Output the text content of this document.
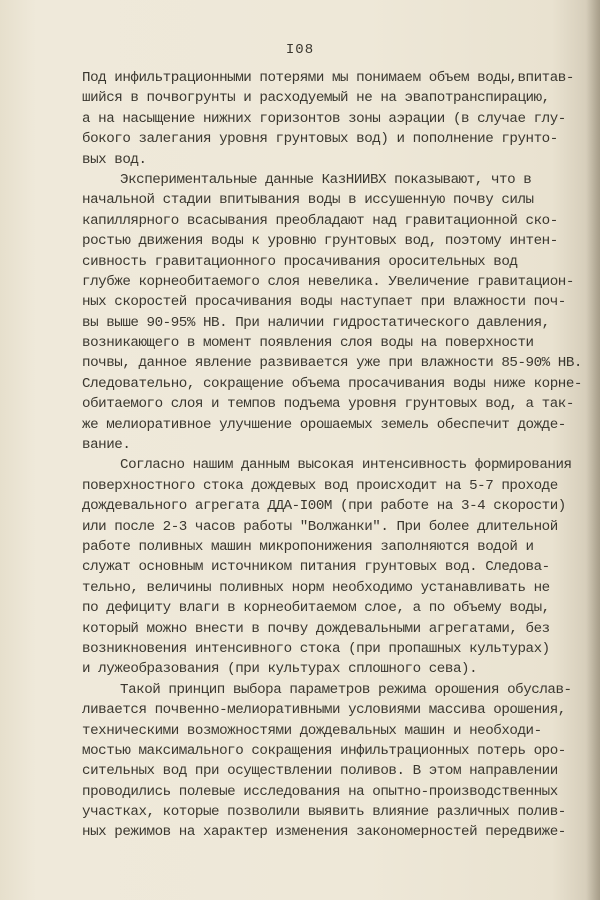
I08
Под инфильтрационными потерями мы понимаем объем воды,впитав-
шийся в почвогрунты и расходуемый не на эвапотранспирацию,
а на насыщение нижних горизонтов зоны аэрации (в случае глу-
бокого залегания уровня грунтовых вод) и пополнение грунто-
вых вод.
Экспериментальные данные КазНИИВХ показывают, что в
начальной стадии впитывания воды в иссушенную почву силы
капиллярного всасывания преобладают над гравитационной ско-
ростью движения воды к уровню грунтовых вод, поэтому интен-
сивность гравитационного просачивания оросительных вод
глубже корнеобитаемого слоя невелика. Увеличение гравитацион-
ных скоростей просачивания воды наступает при влажности поч-
вы выше 90-95% НВ. При наличии гидростатического давления,
возникающего в момент появления слоя воды на поверхности
почвы, данное явление развивается уже при влажности 85-90% НВ.
Следовательно, сокращение объема просачивания воды ниже корне-
обитаемого слоя и темпов подъема уровня грунтовых вод, а так-
же мелиоративное улучшение орошаемых земель обеспечит дожде-
вание.
Согласно нашим данным высокая интенсивность формирования
поверхностного стока дождевых вод происходит на 5-7 проходе
дождевального агрегата ДДА-I00М (при работе на 3-4 скорости)
или после 2-3 часов работы "Волжанки". При более длительной
работе поливных машин микропонижения заполняются водой и
служат основным источником питания грунтовых вод. Следова-
тельно, величины поливных норм необходимо устанавливать не
по дефициту влаги в корнеобитаемом слое, а по объему воды,
который можно внести в почву дождевальными агрегатами, без
возникновения интенсивного стока (при пропашных культурах)
и лужеобразования (при культурах сплошного сева).
Такой принцип выбора параметров режима орошения обуслав-
ливается почвенно-мелиоративными условиями массива орошения,
техническими возможностями дождевальных машин и необходи-
мостью максимального сокращения инфильтрационных потерь оро-
сительных вод при осуществлении поливов. В этом направлении
проводились полевые исследования на опытно-производственных
участках, которые позволили выявить влияние различных полив-
ных режимов на характер изменения закономерностей передвиже-
